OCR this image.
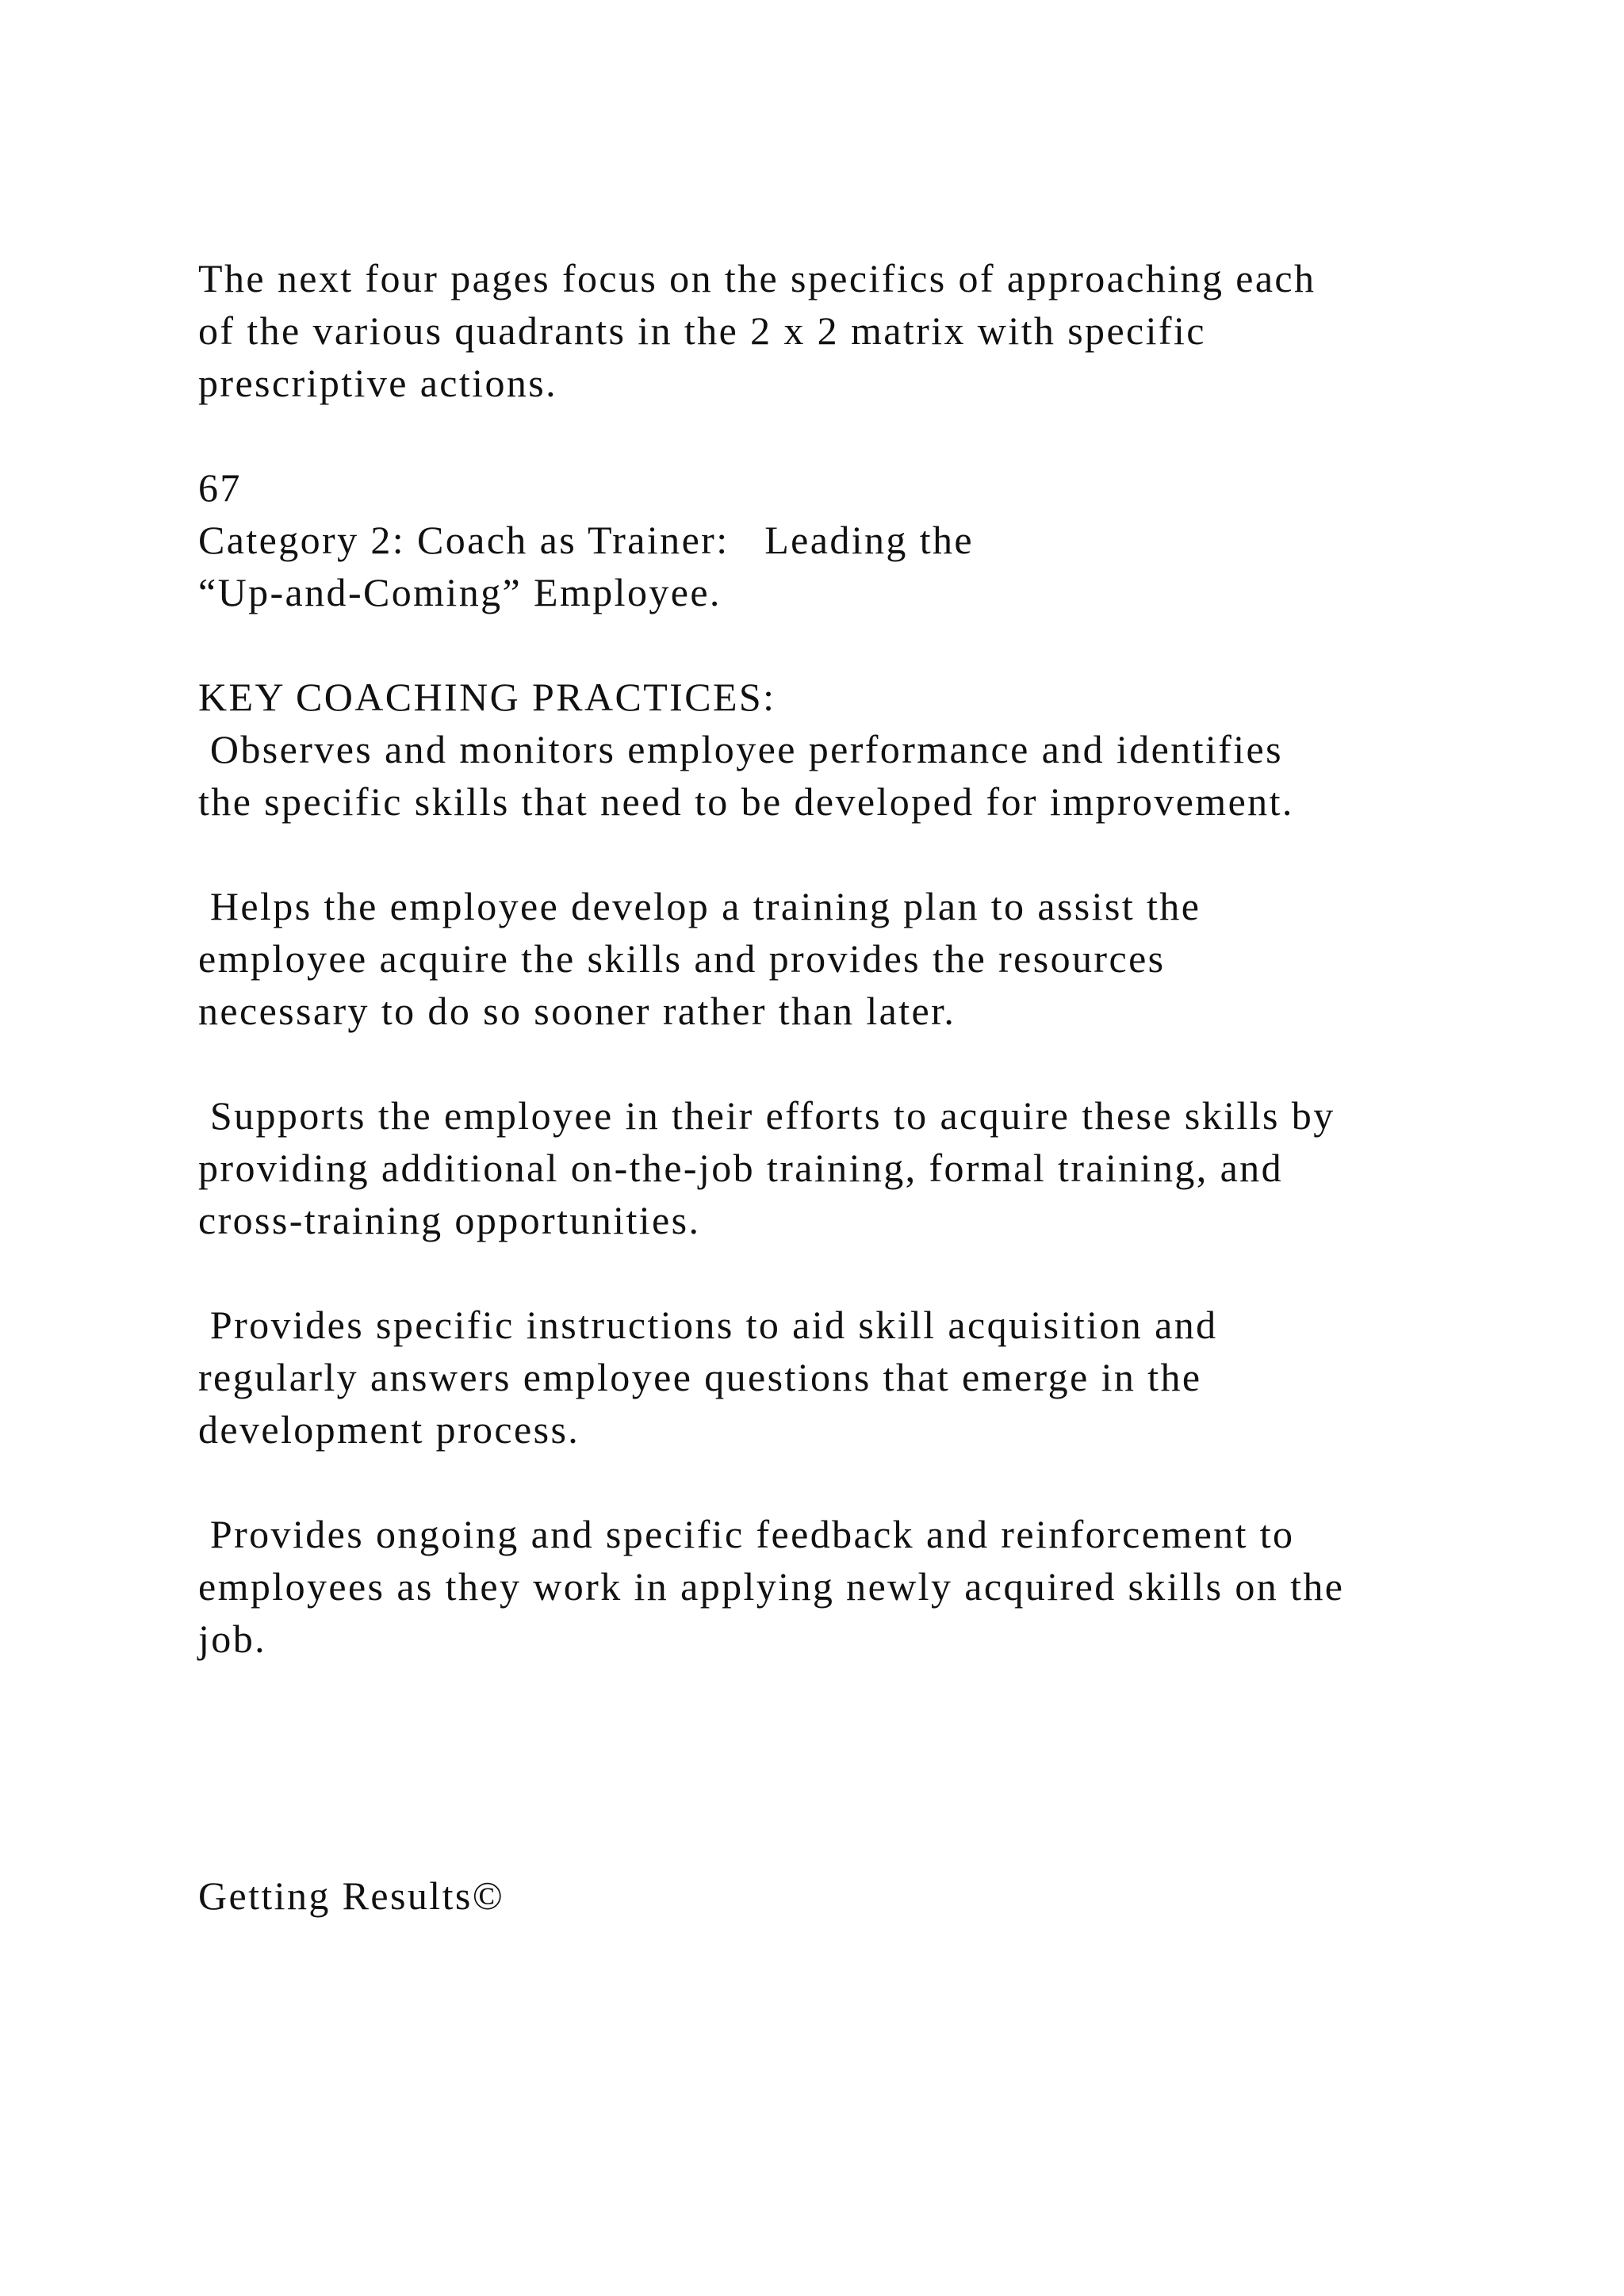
The next four pages focus on the specifics of approaching each
of the various quadrants in the 2 x 2 matrix with specific
prescriptive actions.
67
Category 2: Coach as Trainer:   Leading the
“Up-and-Coming” Employee.
KEY COACHING PRACTICES:
Observes and monitors employee performance and identifies
the specific skills that need to be developed for improvement.
Helps the employee develop a training plan to assist the
employee acquire the skills and provides the resources
necessary to do so sooner rather than later.
Supports the employee in their efforts to acquire these skills by
providing additional on-the-job training, formal training, and
cross-training opportunities.
Provides specific instructions to aid skill acquisition and
regularly answers employee questions that emerge in the
development process.
Provides ongoing and specific feedback and reinforcement to
employees as they work in applying newly acquired skills on the
job.
Getting Results©
